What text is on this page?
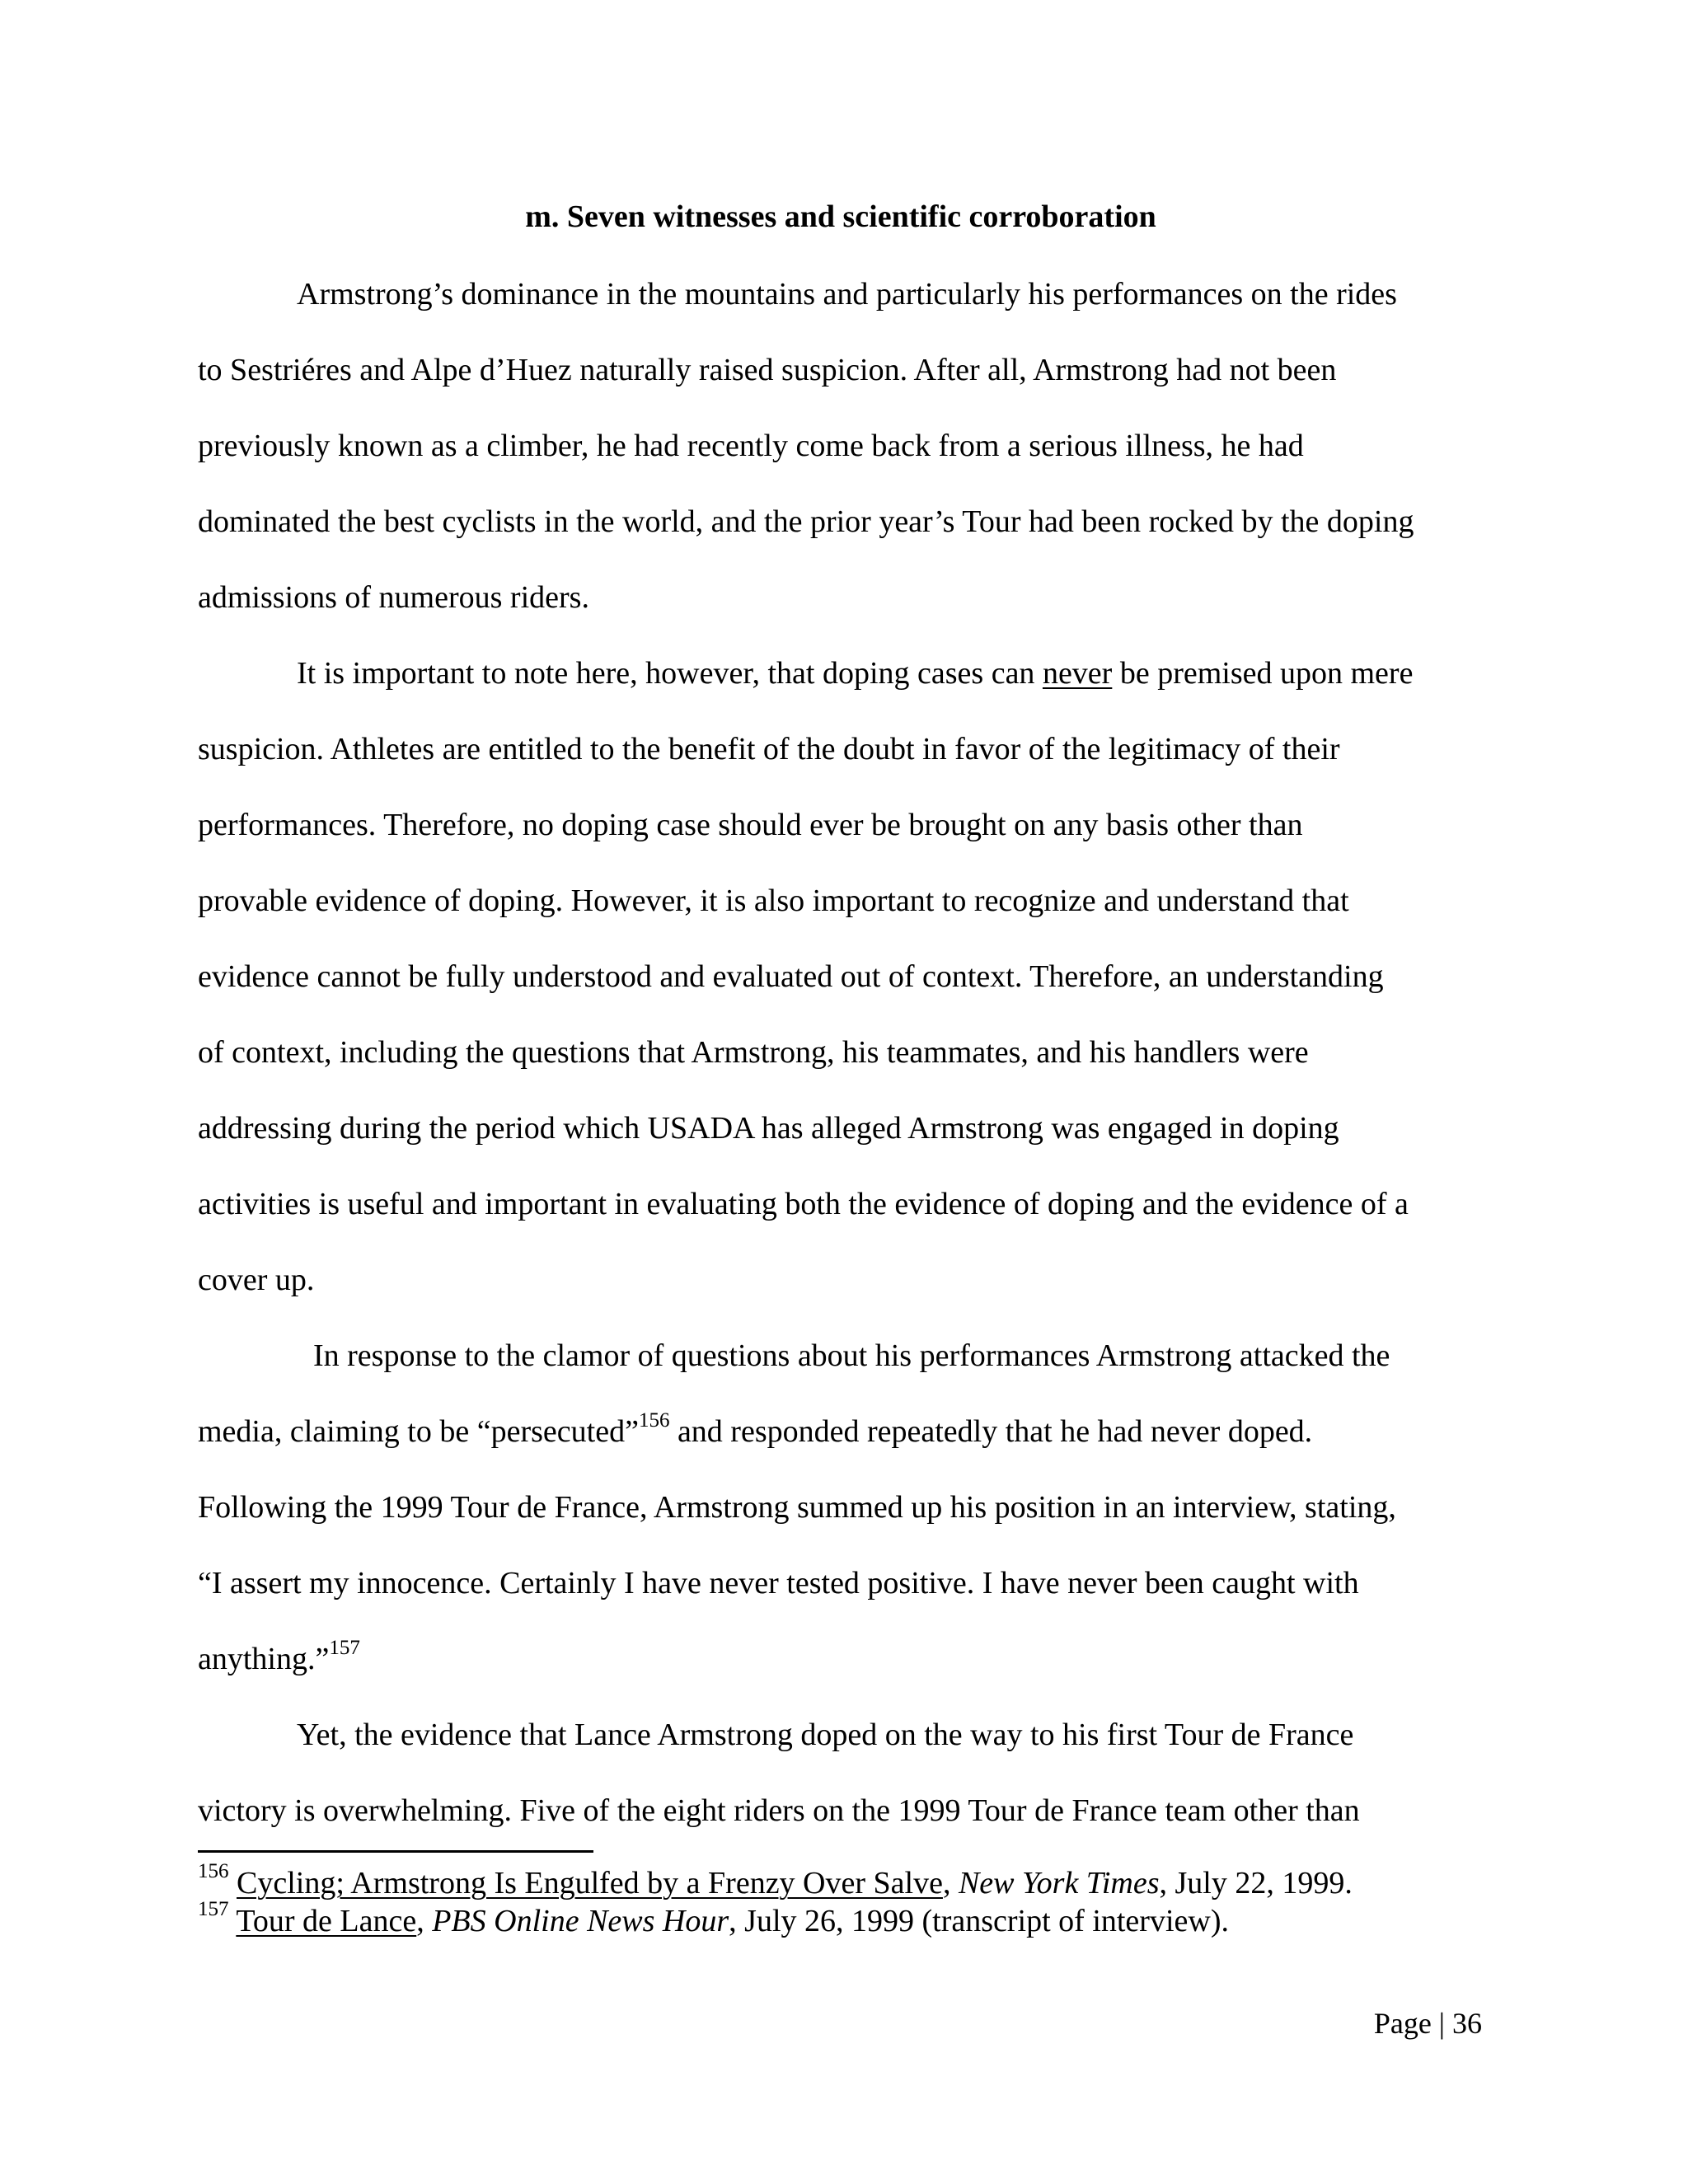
m. Seven witnesses and scientific corroboration
Armstrong’s dominance in the mountains and particularly his performances on the rides
to Sestriéres and Alpe d’Huez naturally raised suspicion. After all, Armstrong had not been
previously known as a climber, he had recently come back from a serious illness, he had
dominated the best cyclists in the world, and the prior year’s Tour had been rocked by the doping
admissions of numerous riders.
It is important to note here, however, that doping cases can never be premised upon mere
suspicion. Athletes are entitled to the benefit of the doubt in favor of the legitimacy of their
performances. Therefore, no doping case should ever be brought on any basis other than
provable evidence of doping. However, it is also important to recognize and understand that
evidence cannot be fully understood and evaluated out of context. Therefore, an understanding
of context, including the questions that Armstrong, his teammates, and his handlers were
addressing during the period which USADA has alleged Armstrong was engaged in doping
activities is useful and important in evaluating both the evidence of doping and the evidence of a
cover up.
In response to the clamor of questions about his performances Armstrong attacked the
media, claiming to be “persecuted”$^{156}$ and responded repeatedly that he had never doped.
Following the 1999 Tour de France, Armstrong summed up his position in an interview, stating,
“I assert my innocence. Certainly I have never tested positive. I have never been caught with
anything.”$^{157}$
Yet, the evidence that Lance Armstrong doped on the way to his first Tour de France
victory is overwhelming. Five of the eight riders on the 1999 Tour de France team other than
$^{156}$ Cycling; Armstrong Is Engulfed by a Frenzy Over Salve, New York Times, July 22, 1999.
$^{157}$ Tour de Lance, PBS Online News Hour, July 26, 1999 (transcript of interview).
Page | 36
